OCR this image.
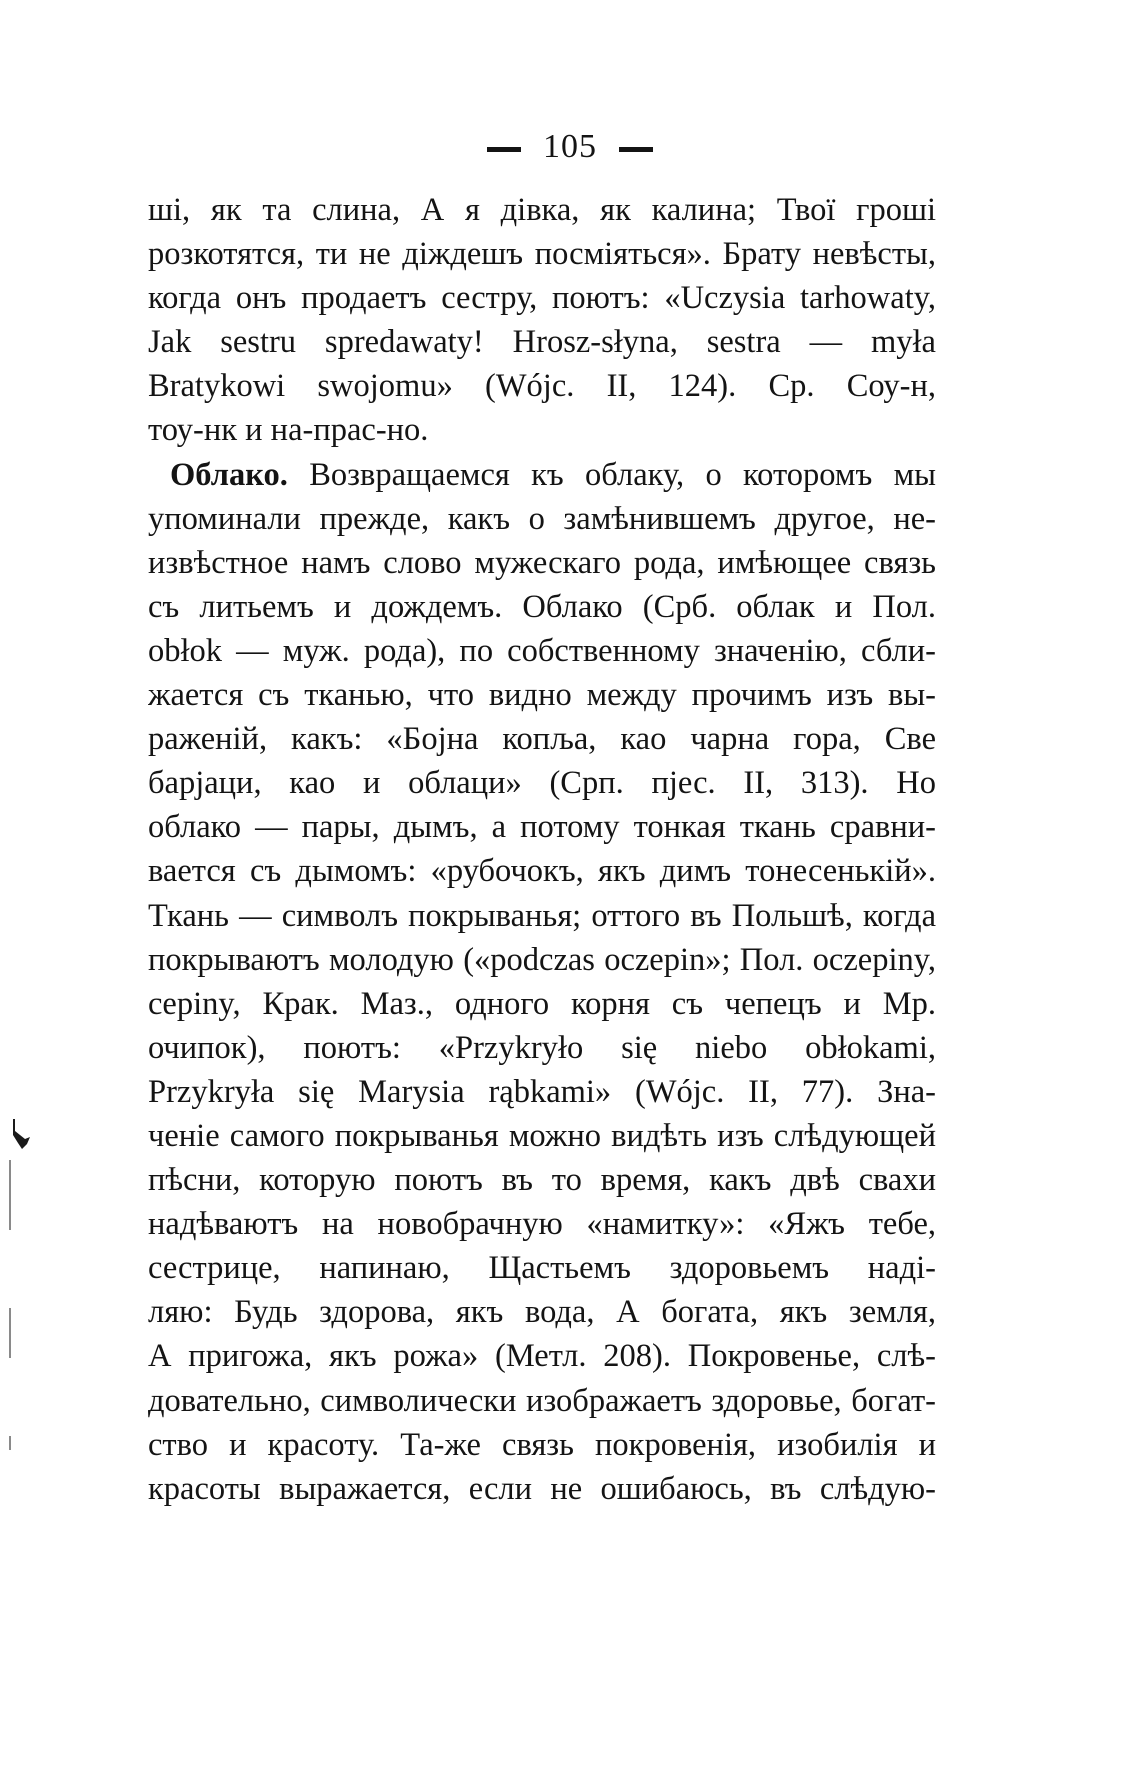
105
ші, як та слина, А я дівка, як калина; Твої гроші
розкотятся, ти не діждешъ посміяться». Брату невѣсты,
когда онъ продаетъ сестру, поютъ: «Uczysia tarhowaty,
Jak sestru spredawaty! Hrosz-słyna, sestra — myła
Bratykowi swojomu» (Wójc. II, 124). Ср. Соу-н,
тоу-нк и на-прас-но.
Облако. Возвращаемся къ облаку, о которомъ мы
упоминали прежде, какъ о замѣнившемъ другое, не-
извѣстное намъ слово мужескаго рода, имѣющее связь
съ литьемъ и дождемъ. Облако (Срб. облак и Пол.
obłok — муж. рода), по собственному значенію, сбли-
жается съ тканью, что видно между прочимъ изъ вы-
раженій, какъ: «Бојна копља, као чарна гора, Све
барјаци, као и облаци» (Срп. пјес. II, 313). Но
облако — пары, дымъ, а потому тонкая ткань сравни-
вается съ дымомъ: «рубочокъ, якъ димъ тонесенькій».
Ткань — символъ покрыванья; оттого въ Польшѣ, когда
покрываютъ молодую («podczas oczepin»; Пол. oczepiny,
cepiny, Крак. Маз., одного корня съ чепецъ и Мр.
очипок), поютъ: «Przykryło się niebo obłokami,
Przykryła się Marysia rąbkami» (Wójc. II, 77). Зна-
ченіе самого покрыванья можно видѣть изъ слѣдующей
пѣсни, которую поютъ въ то время, какъ двѣ свахи
надѣваютъ на новобрачную «намитку»: «Яжъ тебе,
сестрице, напинаю, Щастьемъ здоровьемъ наді-
ляю: Будь здорова, якъ вода, А богата, якъ земля,
А пригожа, якъ рожа» (Метл. 208). Покровенье, слѣ-
довательно, символически изображаетъ здоровье, богат-
ство и красоту. Та-же связь покровенія, изобилія и
красоты выражается, если не ошибаюсь, въ слѣдую-
